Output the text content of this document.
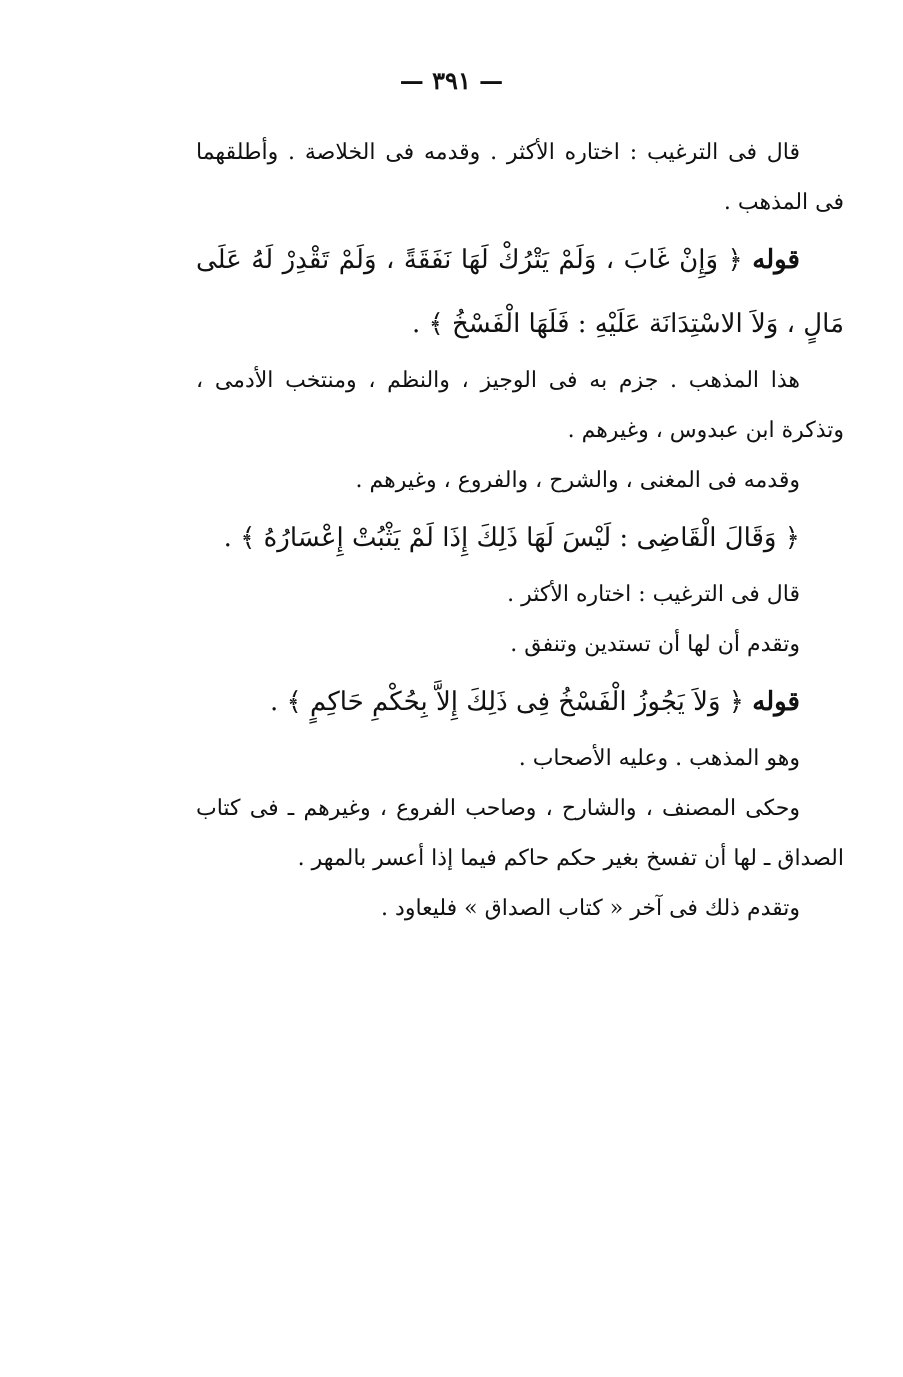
— ٣٩١ —

قال فى الترغيب : اختاره الأكثر . وقدمه فى الخلاصة . وأطلقهما فى المذهب .

قوله ﴿ وَإِنْ غَابَ ، وَلَمْ يَتْرُكْ لَهَا نَفَقَةً ، وَلَمْ تَقْدِرْ لَهُ عَلَى مَالٍ ، وَلاَ الاسْتِدَانَة عَلَيْهِ : فَلَهَا الْفَسْخُ ﴾ .

هذا المذهب . جزم به فى الوجيز ، والنظم ، ومنتخب الأدمى ، وتذكرة ابن عبدوس ، وغيرهم .

وقدمه فى المغنى ، والشرح ، والفروع ، وغيرهم .

﴿ وَقَالَ الْقَاضِى : لَيْسَ لَهَا ذَلِكَ إِذَا لَمْ يَثْبُتْ إِعْسَارُهُ ﴾ .

قال فى الترغيب : اختاره الأكثر .

وتقدم أن لها أن تستدين وتنفق .

قوله ﴿ وَلاَ يَجُوزُ الْفَسْخُ فِى ذَلِكَ إِلاَّ بِحُكْمِ حَاكِمٍ ﴾ .

وهو المذهب . وعليه الأصحاب .

وحكى المصنف ، والشارح ، وصاحب الفروع ، وغيرهم ـ فى كتاب الصداق ـ لها أن تفسخ بغير حكم حاكم فيما إذا أعسر بالمهر .

وتقدم ذلك فى آخر « كتاب الصداق » فليعاود .
